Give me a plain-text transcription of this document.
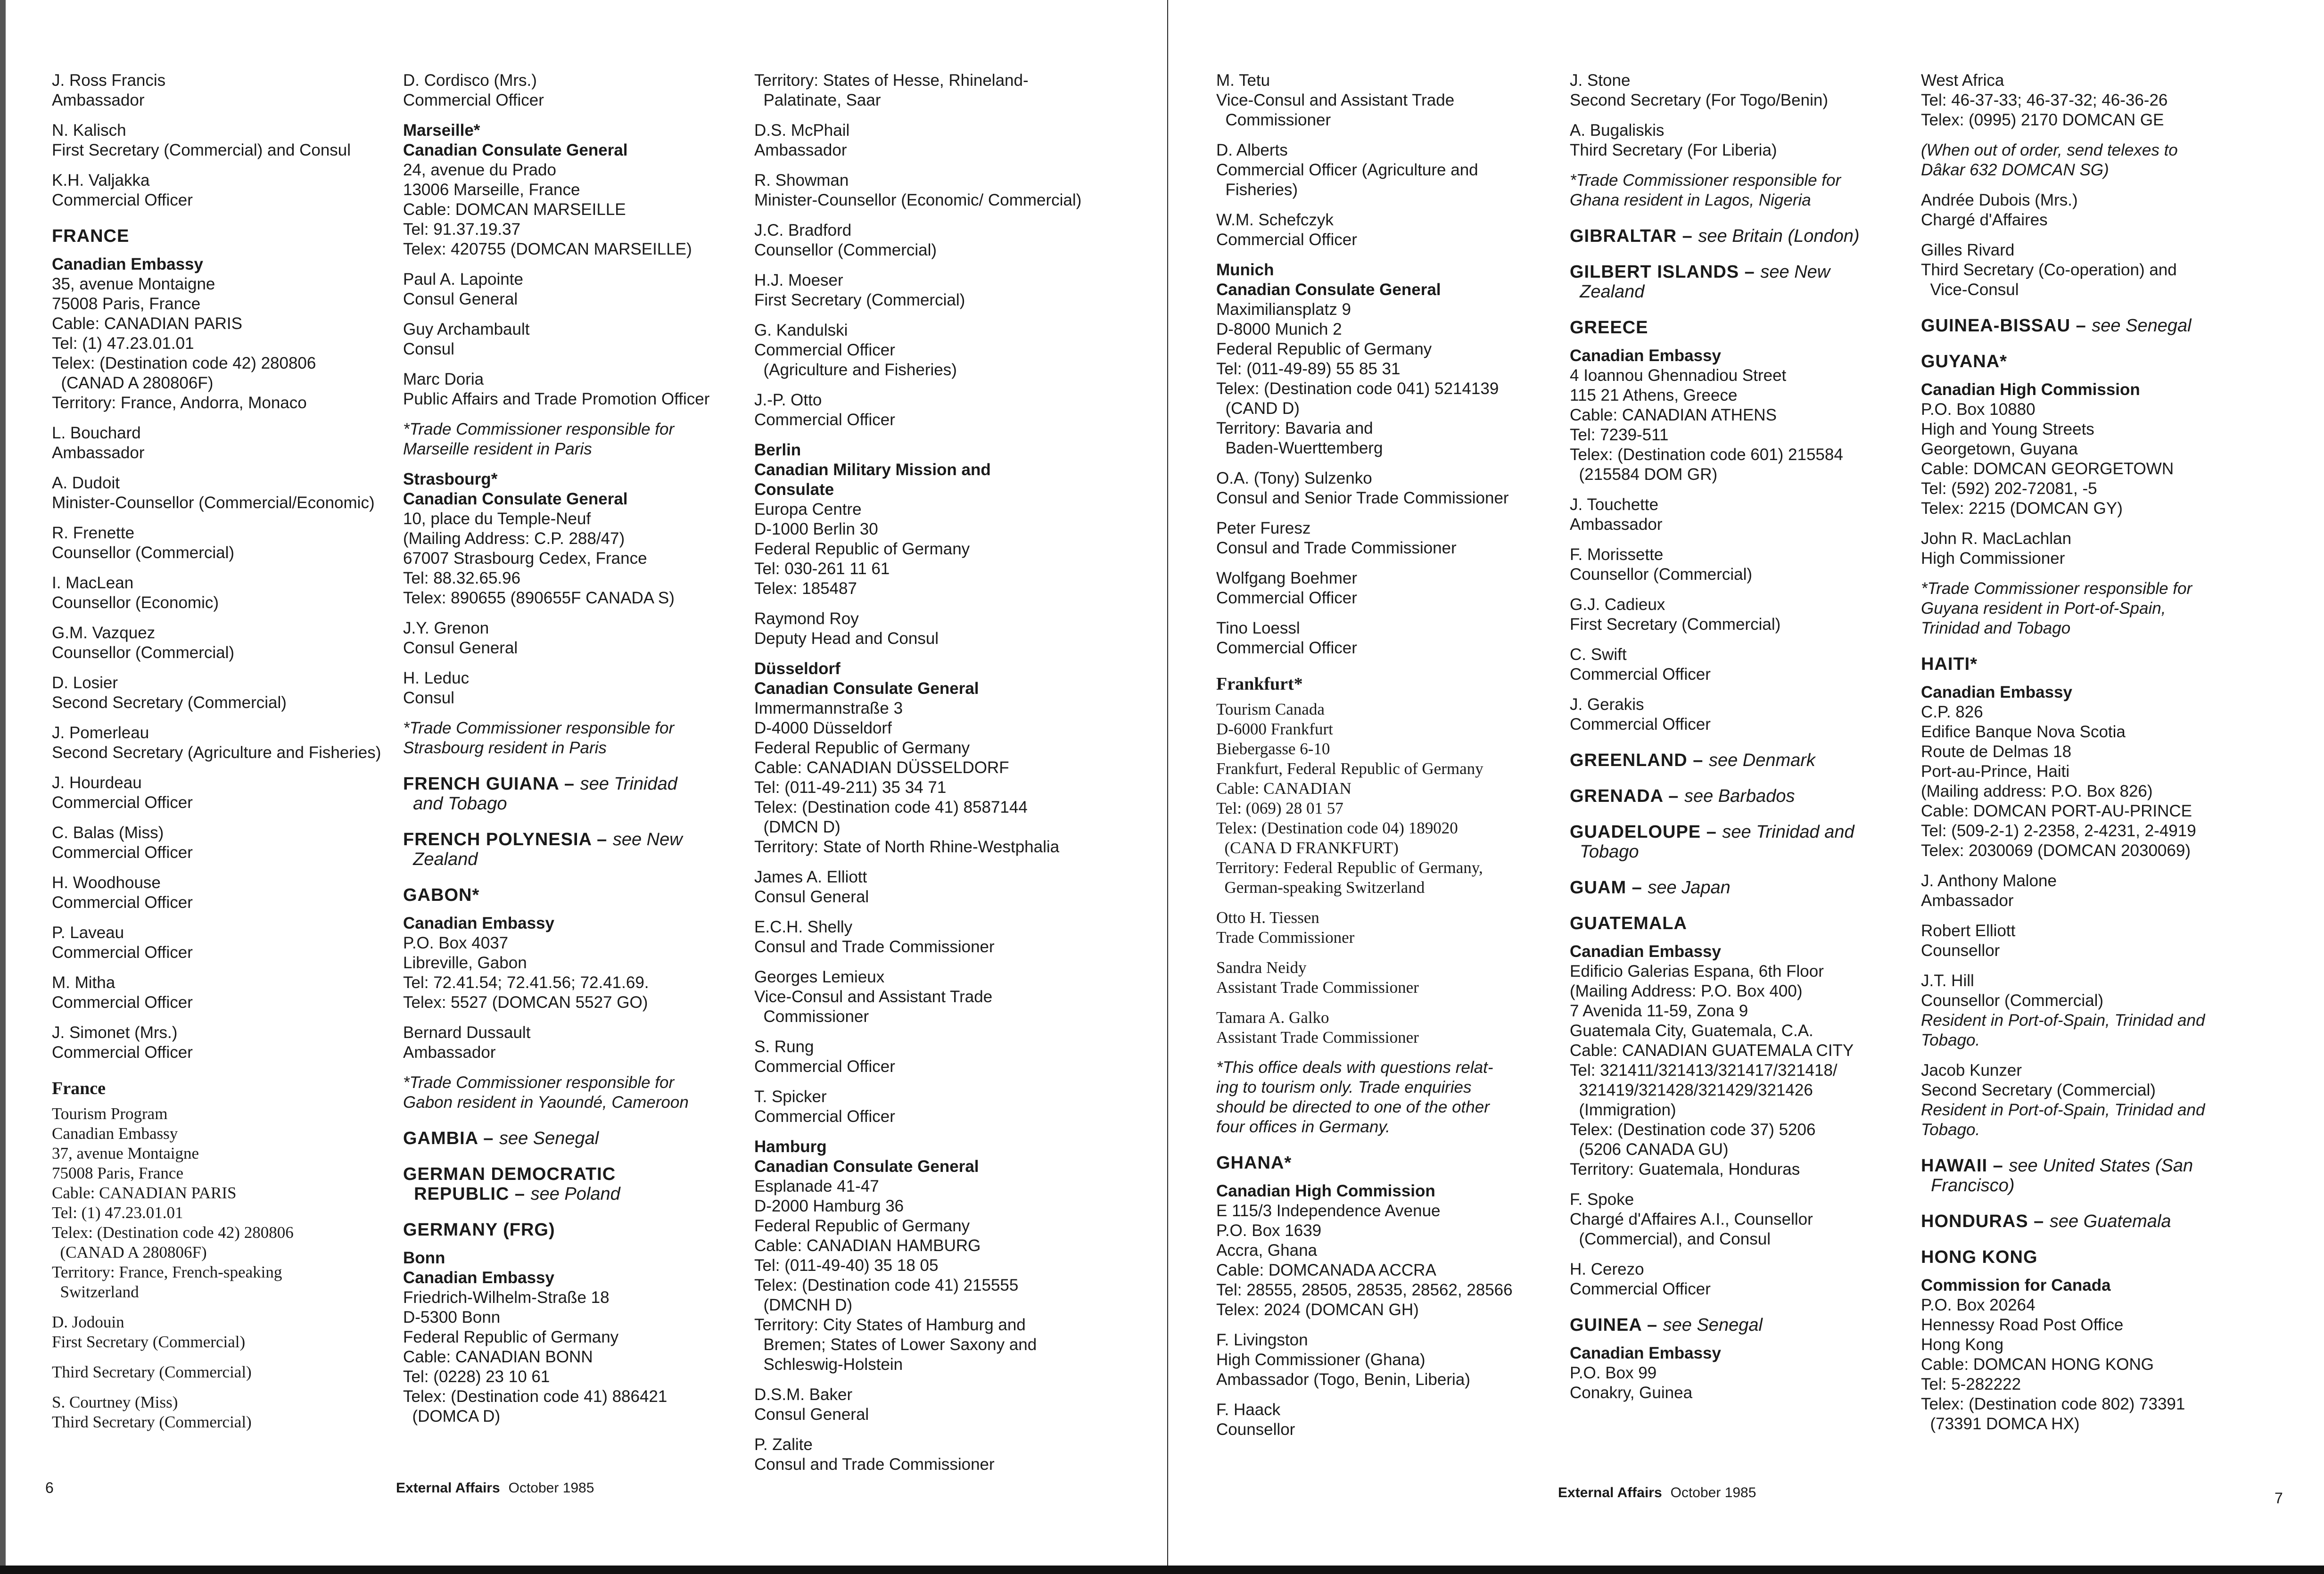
J. Ross Francis
Ambassador
N. Kalisch
First Secretary (Commercial) and Consul
K.H. Valjakka
Commercial Officer
FRANCE
Canadian Embassy
35, avenue Montaigne
75008 Paris, France
Cable: CANADIAN PARIS
Tel: (1) 47.23.01.01
Telex: (Destination code 42) 280806
(CANAD A 280806F)
Territory: France, Andorra, Monaco
L. Bouchard
Ambassador
A. Dudoit
Minister-Counsellor (Commercial/Economic)
R. Frenette
Counsellor (Commercial)
I. MacLean
Counsellor (Economic)
G.M. Vazquez
Counsellor (Commercial)
D. Losier
Second Secretary (Commercial)
J. Pomerleau
Second Secretary (Agriculture and Fisheries)
J. Hourdeau
Commercial Officer
C. Balas (Miss)
Commercial Officer
H. Woodhouse
Commercial Officer
P. Laveau
Commercial Officer
M. Mitha
Commercial Officer
J. Simonet (Mrs.)
Commercial Officer
France
Tourism Program
Canadian Embassy
37, avenue Montaigne
75008 Paris, France
Cable: CANADIAN PARIS
Tel: (1) 47.23.01.01
Telex: (Destination code 42) 280806
(CANAD A 280806F)
Territory: France, French-speaking
Switzerland
D. Jodouin
First Secretary (Commercial)
Third Secretary (Commercial)
S. Courtney (Miss)
Third Secretary (Commercial)
D. Cordisco (Mrs.)
Commercial Officer
Marseille*
Canadian Consulate General
24, avenue du Prado
13006 Marseille, France
Cable: DOMCAN MARSEILLE
Tel: 91.37.19.37
Telex: 420755 (DOMCAN MARSEILLE)
Paul A. Lapointe
Consul General
Guy Archambault
Consul
Marc Doria
Public Affairs and Trade Promotion Officer
*Trade Commissioner responsible for
Marseille resident in Paris
Strasbourg*
Canadian Consulate General
10, place du Temple-Neuf
(Mailing Address: C.P. 288/47)
67007 Strasbourg Cedex, France
Tel: 88.32.65.96
Telex: 890655 (890655F CANADA S)
J.Y. Grenon
Consul General
H. Leduc
Consul
*Trade Commissioner responsible for
Strasbourg resident in Paris
FRENCH GUIANA – see Trinidad
and Tobago
FRENCH POLYNESIA – see New
Zealand
GABON*
Canadian Embassy
P.O. Box 4037
Libreville, Gabon
Tel: 72.41.54; 72.41.56; 72.41.69.
Telex: 5527 (DOMCAN 5527 GO)
Bernard Dussault
Ambassador
*Trade Commissioner responsible for
Gabon resident in Yaoundé, Cameroon
GAMBIA – see Senegal
GERMAN DEMOCRATIC
REPUBLIC – see Poland
GERMANY (FRG)
Bonn
Canadian Embassy
Friedrich-Wilhelm-Straße 18
D-5300 Bonn
Federal Republic of Germany
Cable: CANADIAN BONN
Tel: (0228) 23 10 61
Telex: (Destination code 41) 886421
(DOMCA D)
Territory: States of Hesse, Rhineland-
Palatinate, Saar
D.S. McPhail
Ambassador
R. Showman
Minister-Counsellor (Economic/ Commercial)
J.C. Bradford
Counsellor (Commercial)
H.J. Moeser
First Secretary (Commercial)
G. Kandulski
Commercial Officer
(Agriculture and Fisheries)
J.-P. Otto
Commercial Officer
Berlin
Canadian Military Mission and
Consulate
Europa Centre
D-1000 Berlin 30
Federal Republic of Germany
Tel: 030-261 11 61
Telex: 185487
Raymond Roy
Deputy Head and Consul
Düsseldorf
Canadian Consulate General
Immermannstraße 3
D-4000 Düsseldorf
Federal Republic of Germany
Cable: CANADIAN DÜSSELDORF
Tel: (011-49-211) 35 34 71
Telex: (Destination code 41) 8587144
(DMCN D)
Territory: State of North Rhine-Westphalia
James A. Elliott
Consul General
E.C.H. Shelly
Consul and Trade Commissioner
Georges Lemieux
Vice-Consul and Assistant Trade
Commissioner
S. Rung
Commercial Officer
T. Spicker
Commercial Officer
Hamburg
Canadian Consulate General
Esplanade 41-47
D-2000 Hamburg 36
Federal Republic of Germany
Cable: CANADIAN HAMBURG
Tel: (011-49-40) 35 18 05
Telex: (Destination code 41) 215555
(DMCNH D)
Territory: City States of Hamburg and
Bremen; States of Lower Saxony and
Schleswig-Holstein
D.S.M. Baker
Consul General
P. Zalite
Consul and Trade Commissioner
M. Tetu
Vice-Consul and Assistant Trade
Commissioner
D. Alberts
Commercial Officer (Agriculture and
Fisheries)
W.M. Schefczyk
Commercial Officer
Munich
Canadian Consulate General
Maximiliansplatz 9
D-8000 Munich 2
Federal Republic of Germany
Tel: (011-49-89) 55 85 31
Telex: (Destination code 041) 5214139
(CAND D)
Territory: Bavaria and
Baden-Wuerttemberg
O.A. (Tony) Sulzenko
Consul and Senior Trade Commissioner
Peter Furesz
Consul and Trade Commissioner
Wolfgang Boehmer
Commercial Officer
Tino Loessl
Commercial Officer
Frankfurt*
Tourism Canada
D-6000 Frankfurt
Biebergasse 6-10
Frankfurt, Federal Republic of Germany
Cable: CANADIAN
Tel: (069) 28 01 57
Telex: (Destination code 04) 189020
(CANA D FRANKFURT)
Territory: Federal Republic of Germany,
German-speaking Switzerland
Otto H. Tiessen
Trade Commissioner
Sandra Neidy
Assistant Trade Commissioner
Tamara A. Galko
Assistant Trade Commissioner
*This office deals with questions relat-
ing to tourism only. Trade enquiries
should be directed to one of the other
four offices in Germany.
GHANA*
Canadian High Commission
E 115/3 Independence Avenue
P.O. Box 1639
Accra, Ghana
Cable: DOMCANADA ACCRA
Tel: 28555, 28505, 28535, 28562, 28566
Telex: 2024 (DOMCAN GH)
F. Livingston
High Commissioner (Ghana)
Ambassador (Togo, Benin, Liberia)
F. Haack
Counsellor
J. Stone
Second Secretary (For Togo/Benin)
A. Bugaliskis
Third Secretary (For Liberia)
*Trade Commissioner responsible for
Ghana resident in Lagos, Nigeria
GIBRALTAR – see Britain (London)
GILBERT ISLANDS – see New
Zealand
GREECE
Canadian Embassy
4 Ioannou Ghennadiou Street
115 21 Athens, Greece
Cable: CANADIAN ATHENS
Tel: 7239-511
Telex: (Destination code 601) 215584
(215584 DOM GR)
J. Touchette
Ambassador
F. Morissette
Counsellor (Commercial)
G.J. Cadieux
First Secretary (Commercial)
C. Swift
Commercial Officer
J. Gerakis
Commercial Officer
GREENLAND – see Denmark
GRENADA – see Barbados
GUADELOUPE – see Trinidad and
Tobago
GUAM – see Japan
GUATEMALA
Canadian Embassy
Edificio Galerias Espana, 6th Floor
(Mailing Address: P.O. Box 400)
7 Avenida 11-59, Zona 9
Guatemala City, Guatemala, C.A.
Cable: CANADIAN GUATEMALA CITY
Tel: 321411/321413/321417/321418/
321419/321428/321429/321426
(Immigration)
Telex: (Destination code 37) 5206
(5206 CANADA GU)
Territory: Guatemala, Honduras
F. Spoke
Chargé d'Affaires A.I., Counsellor
(Commercial), and Consul
H. Cerezo
Commercial Officer
GUINEA – see Senegal
Canadian Embassy
P.O. Box 99
Conakry, Guinea
West Africa
Tel: 46-37-33; 46-37-32; 46-36-26
Telex: (0995) 2170 DOMCAN GE
(When out of order, send telexes to
Dâkar 632 DOMCAN SG)
Andrée Dubois (Mrs.)
Chargé d'Affaires
Gilles Rivard
Third Secretary (Co-operation) and
Vice-Consul
GUINEA-BISSAU – see Senegal
GUYANA*
Canadian High Commission
P.O. Box 10880
High and Young Streets
Georgetown, Guyana
Cable: DOMCAN GEORGETOWN
Tel: (592) 202-72081, -5
Telex: 2215 (DOMCAN GY)
John R. MacLachlan
High Commissioner
*Trade Commissioner responsible for
Guyana resident in Port-of-Spain,
Trinidad and Tobago
HAITI*
Canadian Embassy
C.P. 826
Edifice Banque Nova Scotia
Route de Delmas 18
Port-au-Prince, Haiti
(Mailing address: P.O. Box 826)
Cable: DOMCAN PORT-AU-PRINCE
Tel: (509-2-1) 2-2358, 2-4231, 2-4919
Telex: 2030069 (DOMCAN 2030069)
J. Anthony Malone
Ambassador
Robert Elliott
Counsellor
J.T. Hill
Counsellor (Commercial)
Resident in Port-of-Spain, Trinidad and
Tobago.
Jacob Kunzer
Second Secretary (Commercial)
Resident in Port-of-Spain, Trinidad and
Tobago.
HAWAII – see United States (San
Francisco)
HONDURAS – see Guatemala
HONG KONG
Commission for Canada
P.O. Box 20264
Hennessy Road Post Office
Hong Kong
Cable: DOMCAN HONG KONG
Tel: 5-282222
Telex: (Destination code 802) 73391
(73391 DOMCA HX)
6	External Affairs October 1985	External Affairs October 1985	7
